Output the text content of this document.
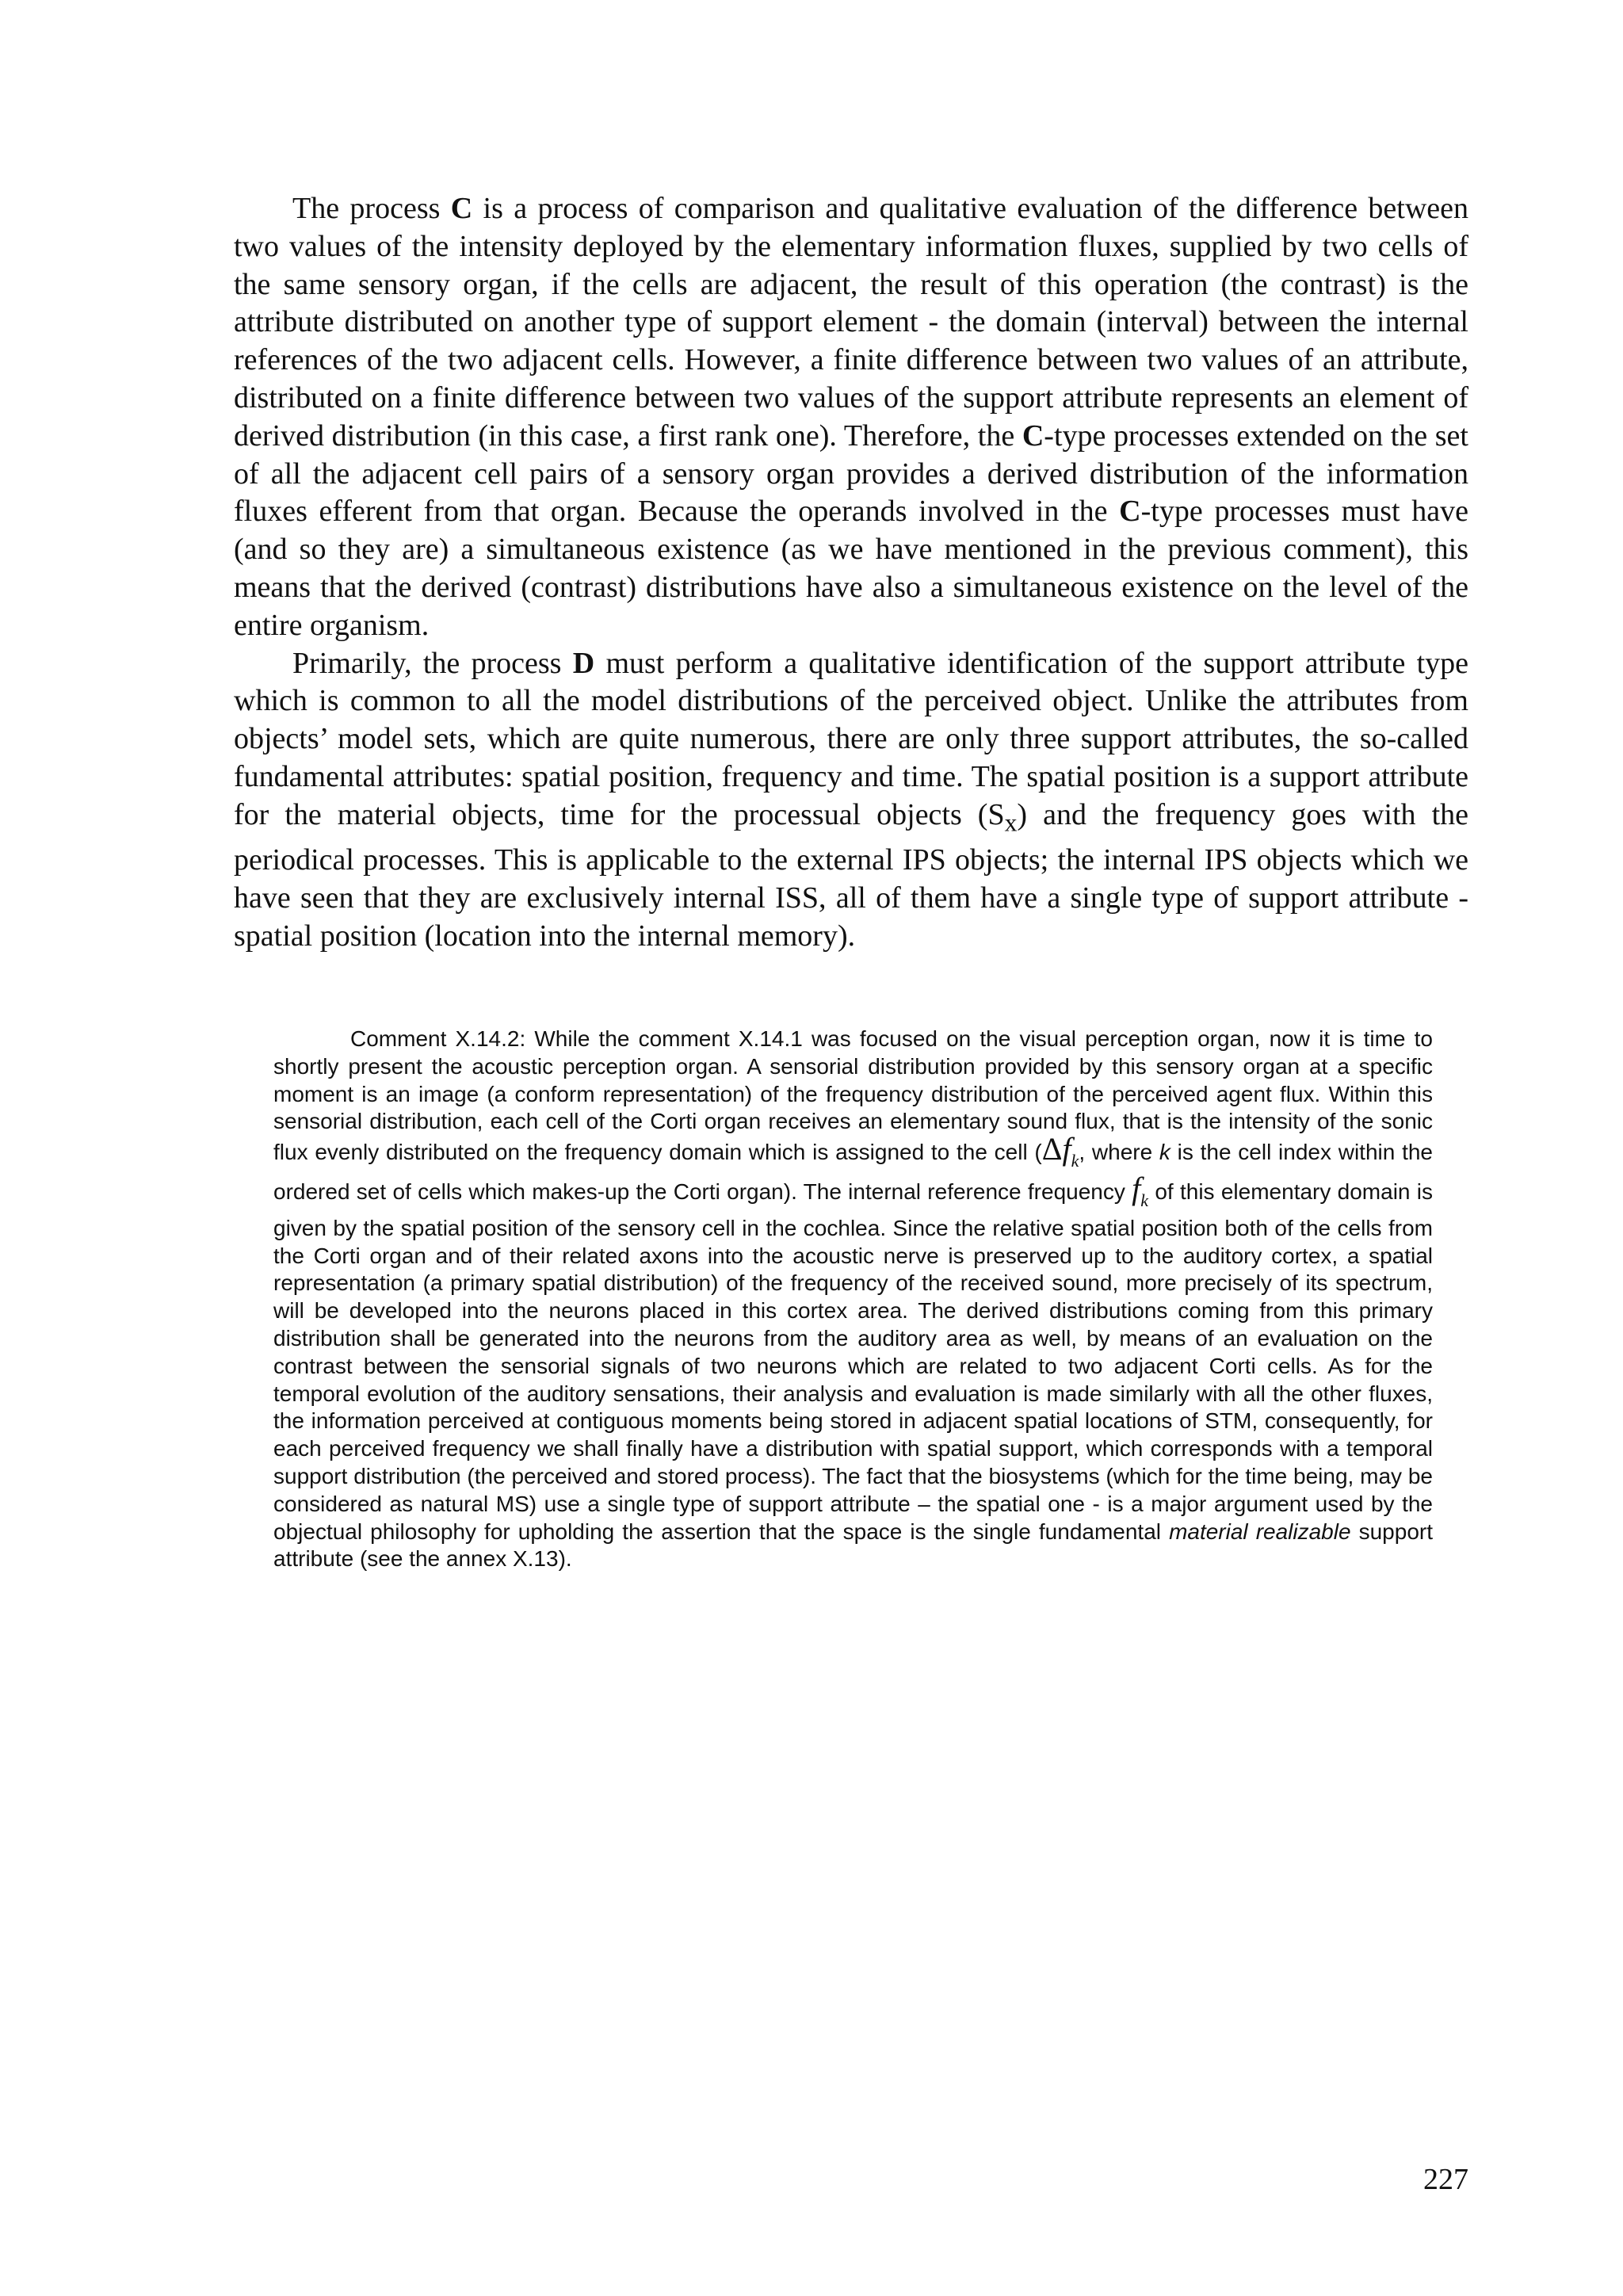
The process C is a process of comparison and qualitative evaluation of the difference between two values of the intensity deployed by the elementary information fluxes, supplied by two cells of the same sensory organ, if the cells are adjacent, the result of this operation (the contrast) is the attribute distributed on another type of support element - the domain (interval) between the internal references of the two adjacent cells. However, a finite difference between two values of an attribute, distributed on a finite difference between two values of the support attribute represents an element of derived distribution (in this case, a first rank one). Therefore, the C-type processes extended on the set of all the adjacent cell pairs of a sensory organ provides a derived distribution of the information fluxes efferent from that organ. Because the operands involved in the C-type processes must have (and so they are) a simultaneous existence (as we have mentioned in the previous comment), this means that the derived (contrast) distributions have also a simultaneous existence on the level of the entire organism.

Primarily, the process D must perform a qualitative identification of the support attribute type which is common to all the model distributions of the perceived object. Unlike the attributes from objects’ model sets, which are quite numerous, there are only three support attributes, the so-called fundamental attributes: spatial position, frequency and time. The spatial position is a support attribute for the material objects, time for the processual objects $(S_x)$ and the frequency goes with the periodical processes. This is applicable to the external IPS objects; the internal IPS objects which we have seen that they are exclusively internal ISS, all of them have a single type of support attribute - spatial position (location into the internal memory).

Comment X.14.2: While the comment X.14.1 was focused on the visual perception organ, now it is time to shortly present the acoustic perception organ. A sensorial distribution provided by this sensory organ at a specific moment is an image (a conform representation) of the frequency distribution of the perceived agent flux. Within this sensorial distribution, each cell of the Corti organ receives an elementary sound flux, that is the intensity of the sonic flux evenly distributed on the frequency domain which is assigned to the cell ($\Delta f_k$, where k is the cell index within the ordered set of cells which makes-up the Corti organ). The internal reference frequency $f_k$ of this elementary domain is given by the spatial position of the sensory cell in the cochlea. Since the relative spatial position both of the cells from the Corti organ and of their related axons into the acoustic nerve is preserved up to the auditory cortex, a spatial representation (a primary spatial distribution) of the frequency of the received sound, more precisely of its spectrum, will be developed into the neurons placed in this cortex area. The derived distributions coming from this primary distribution shall be generated into the neurons from the auditory area as well, by means of an evaluation on the contrast between the sensorial signals of two neurons which are related to two adjacent Corti cells. As for the temporal evolution of the auditory sensations, their analysis and evaluation is made similarly with all the other fluxes, the information perceived at contiguous moments being stored in adjacent spatial locations of STM, consequently, for each perceived frequency we shall finally have a distribution with spatial support, which corresponds with a temporal support distribution (the perceived and stored process). The fact that the biosystems (which for the time being, may be considered as natural MS) use a single type of support attribute – the spatial one - is a major argument used by the objectual philosophy for upholding the assertion that the space is the single fundamental material realizable support attribute (see the annex X.13).

227
